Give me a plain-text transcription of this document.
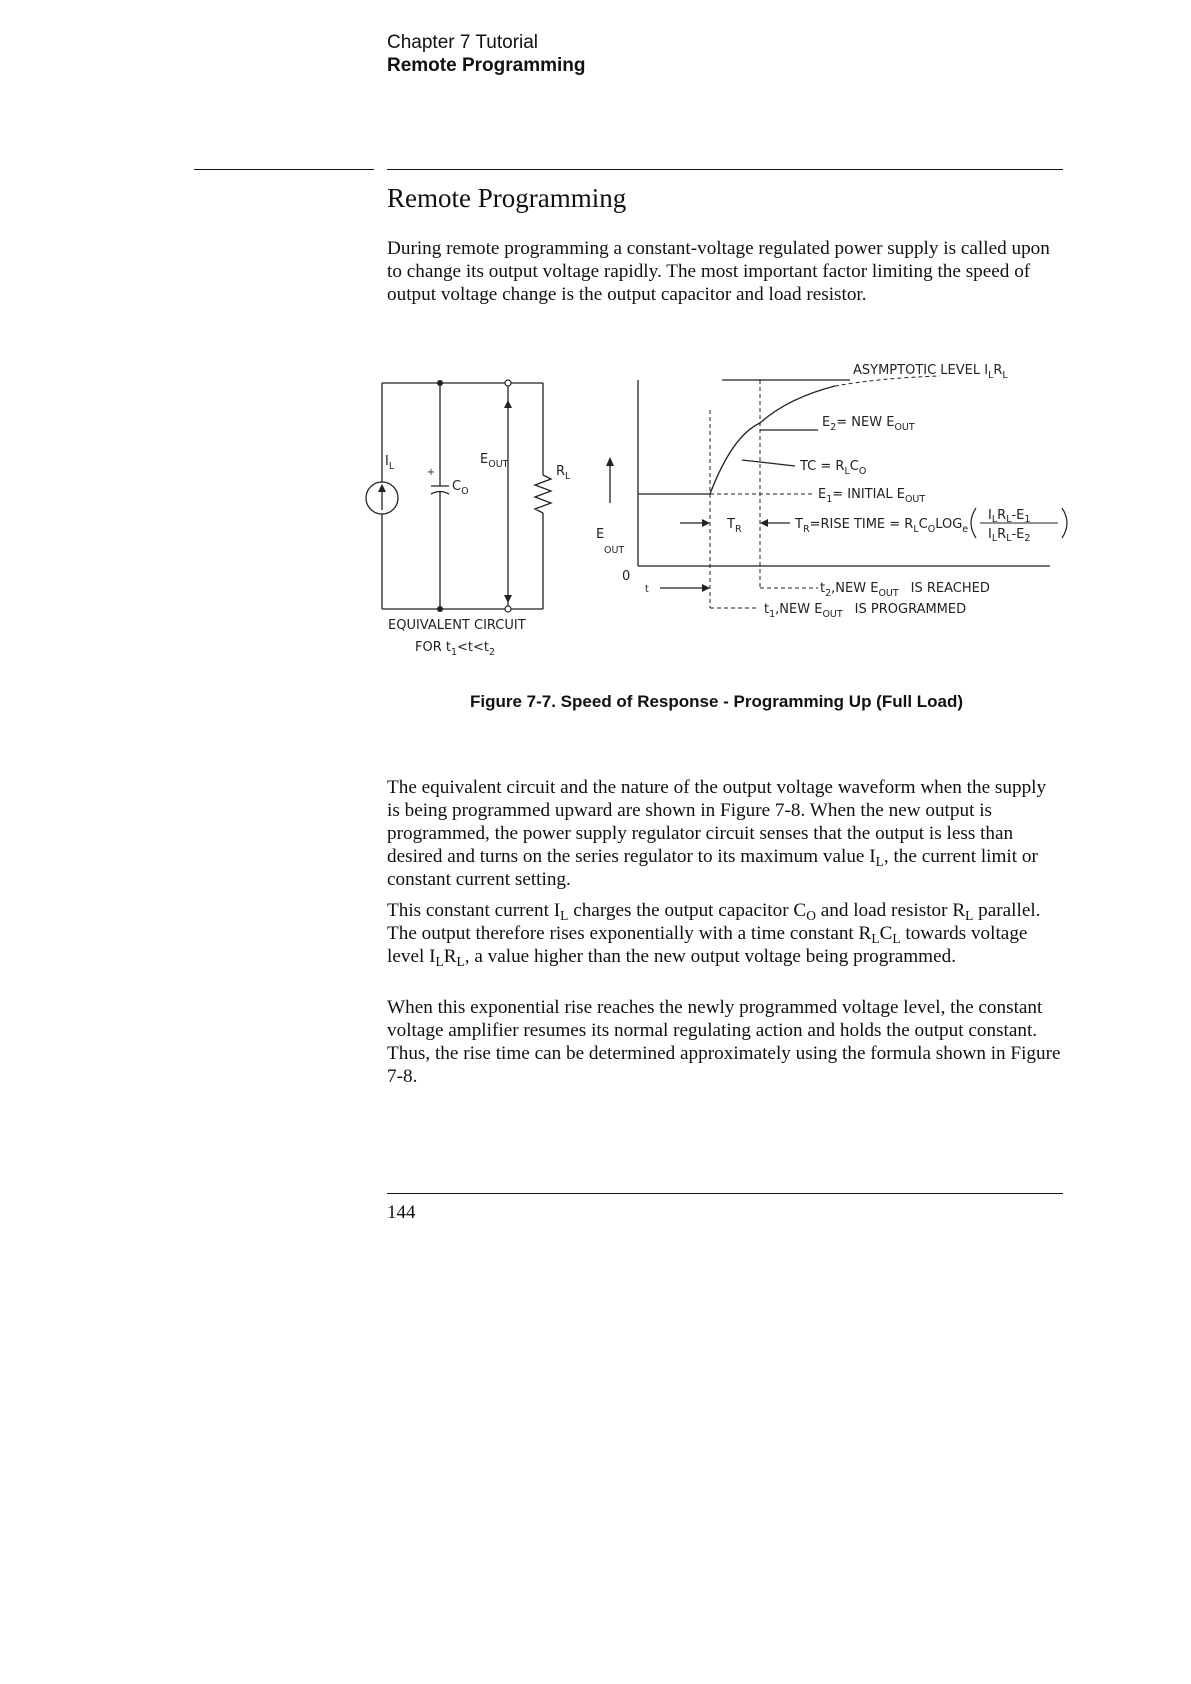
Chapter 7 Tutorial
Remote Programming
Remote Programming
During remote programming a constant-voltage regulated power supply is called upon to change its output voltage rapidly. The most important factor limiting the speed of output voltage change is the output capacitor and load resistor.
$I_L$
+
$C_O$
$E_{OUT}$	$R_L$
EQUIVALENT CIRCUIT
FOR $t_1<t<t_2$
ASYMPTOTIC LEVEL $I_LR_L$
$E_2=$ NEW $E_{OUT}$
TC = $R_LC_O$
$E_1=$ INITIAL $E_{OUT}$
$T_R$	$T_R=RISE$ TIME = $R_LC_OLOG_e$
$I_LR_L-E_1$
$I_LR_L-E_2$
E
OUT
0
t	$t_2,NEW$ $E_{OUT}$ IS REACHED
$t_1,NEW$ $E_{OUT}$ IS PROGRAMMED
Figure 7-7. Speed of Response - Programming Up (Full Load)
The equivalent circuit and the nature of the output voltage waveform when the supply is being programmed upward are shown in Figure 7-8. When the new output is programmed, the power supply regulator circuit senses that the output is less than desired and turns on the series regulator to its maximum value $I_L$, the current limit or constant current setting.
This constant current $I_L$ charges the output capacitor $C_O$ and load resistor $R_L$ parallel. The output therefore rises exponentially with a time constant $R_LC_L$ towards voltage level $I_LR_L$, a value higher than the new output voltage being programmed.
When this exponential rise reaches the newly programmed voltage level, the constant voltage amplifier resumes its normal regulating action and holds the output constant. Thus, the rise time can be determined approximately using the formula shown in Figure 7-8.
144
